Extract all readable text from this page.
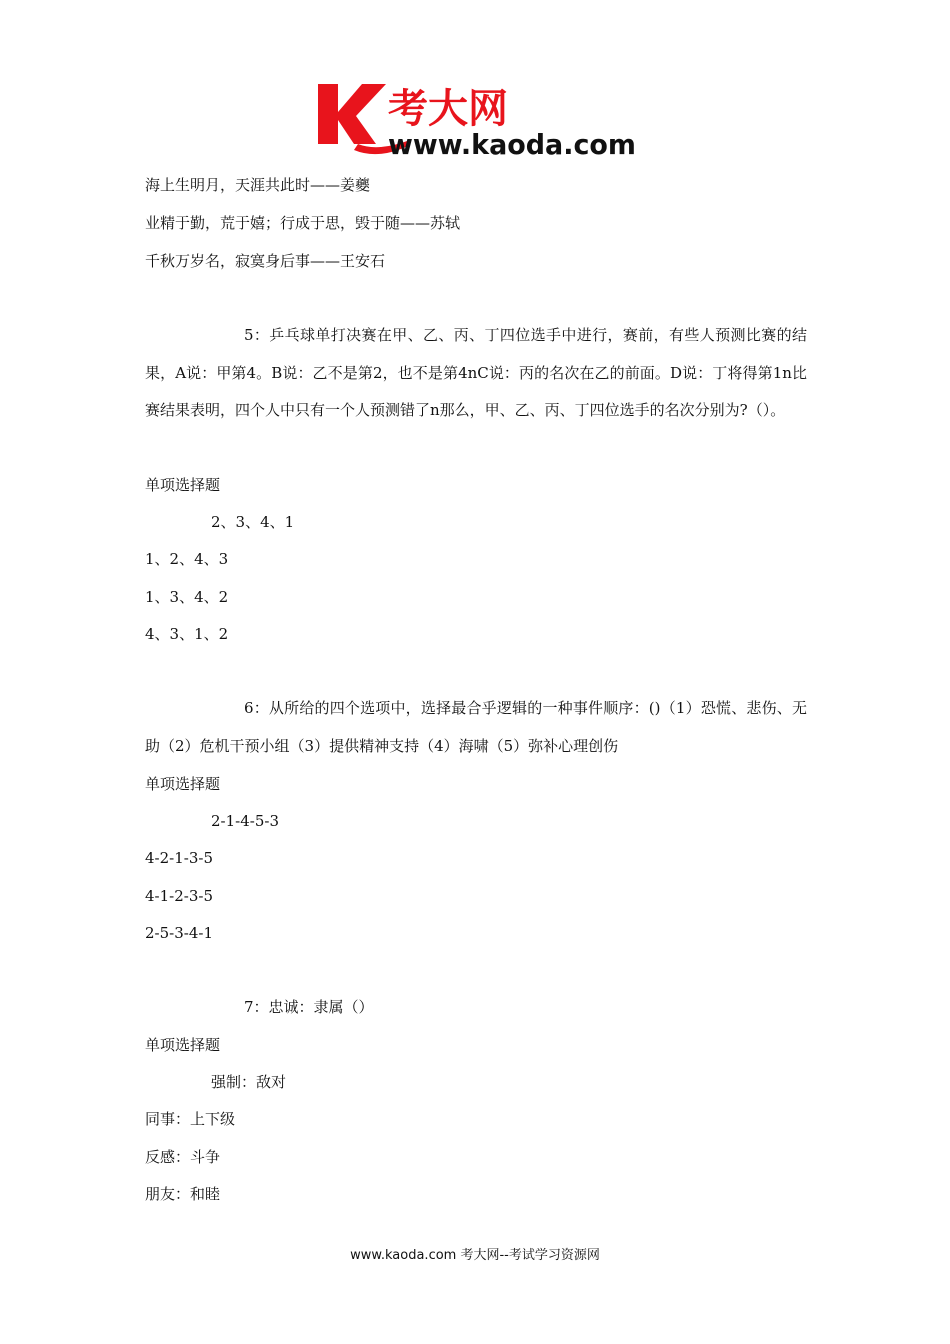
考大网
www.kaoda.com
海上生明月，天涯共此时——姜夔
业精于勤，荒于嬉；行成于思，毁于随——苏轼
千秋万岁名，寂寞身后事——王安石
5：乒乓球单打决赛在甲、乙、丙、丁四位选手中进行，赛前，有些人预测比赛的结果，A说：甲第4。B说：乙不是第2，也不是第4nC说：丙的名次在乙的前面。D说：丁将得第1n比赛结果表明，四个人中只有一个人预测错了n那么，甲、乙、丙、丁四位选手的名次分别为?（）。
单项选择题
2、3、4、1
1、2、4、3
1、3、4、2
4、3、1、2
6：从所给的四个选项中，选择最合乎逻辑的一种事件顺序：()（1）恐慌、悲伤、无助（2）危机干预小组（3）提供精神支持（4）海啸（5）弥补心理创伤
单项选择题
2-1-4-5-3
4-2-1-3-5
4-1-2-3-5
2-5-3-4-1
7：忠诚：隶属（）
单项选择题
强制：敌对
同事：上下级
反感：斗争
朋友：和睦
www.kaoda.com 考大网--考试学习资源网
